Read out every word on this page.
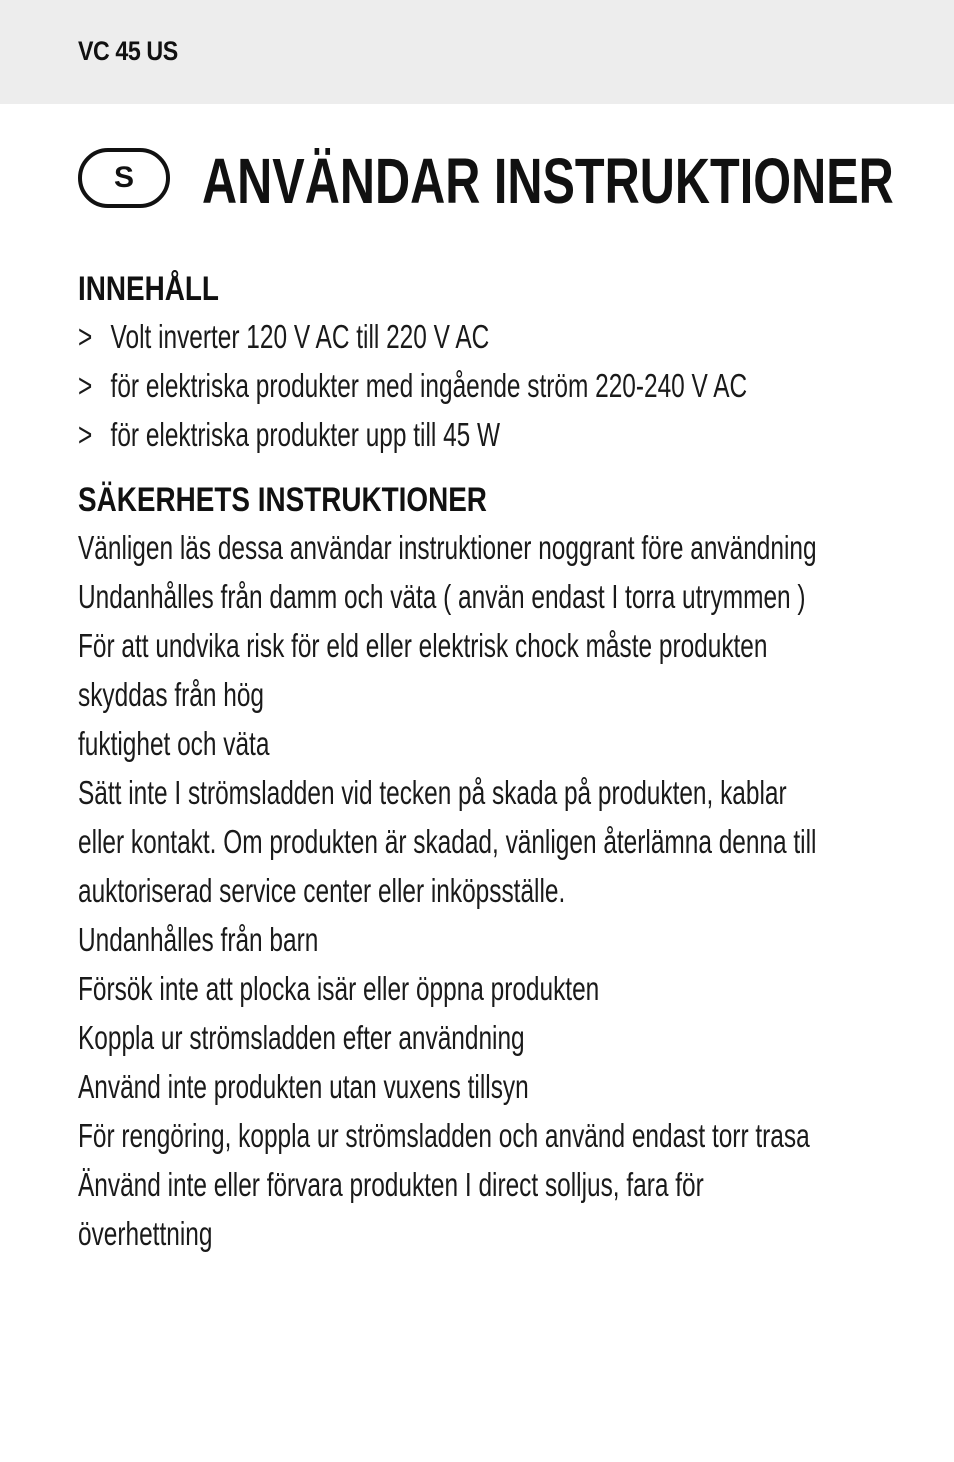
VC 45 US
S	ANVÄNDAR INSTRUKTIONER
INNEHÅLL
> Volt inverter 120 V AC till 220 V AC
> för elektriska produkter med ingående ström 220-240 V AC
> för elektriska produkter upp till 45 W
SÄKERHETS INSTRUKTIONER
Vänligen läs dessa användar instruktioner noggrant före användning
Undanhålles från damm och väta ( använ endast I torra utrymmen )
För att undvika risk för eld eller elektrisk chock måste produkten
skyddas från hög
fuktighet och väta
Sätt inte I strömsladden vid tecken på skada på produkten, kablar
eller kontakt. Om produkten är skadad, vänligen återlämna denna till
auktoriserad service center eller inköpsställe.
Undanhålles från barn
Försök inte att plocka isär eller öppna produkten
Koppla ur strömsladden efter användning
Använd inte produkten utan vuxens tillsyn
För rengöring, koppla ur strömsladden och använd endast torr trasa
Änvänd inte eller förvara produkten I direct solljus, fara för
överhettning
